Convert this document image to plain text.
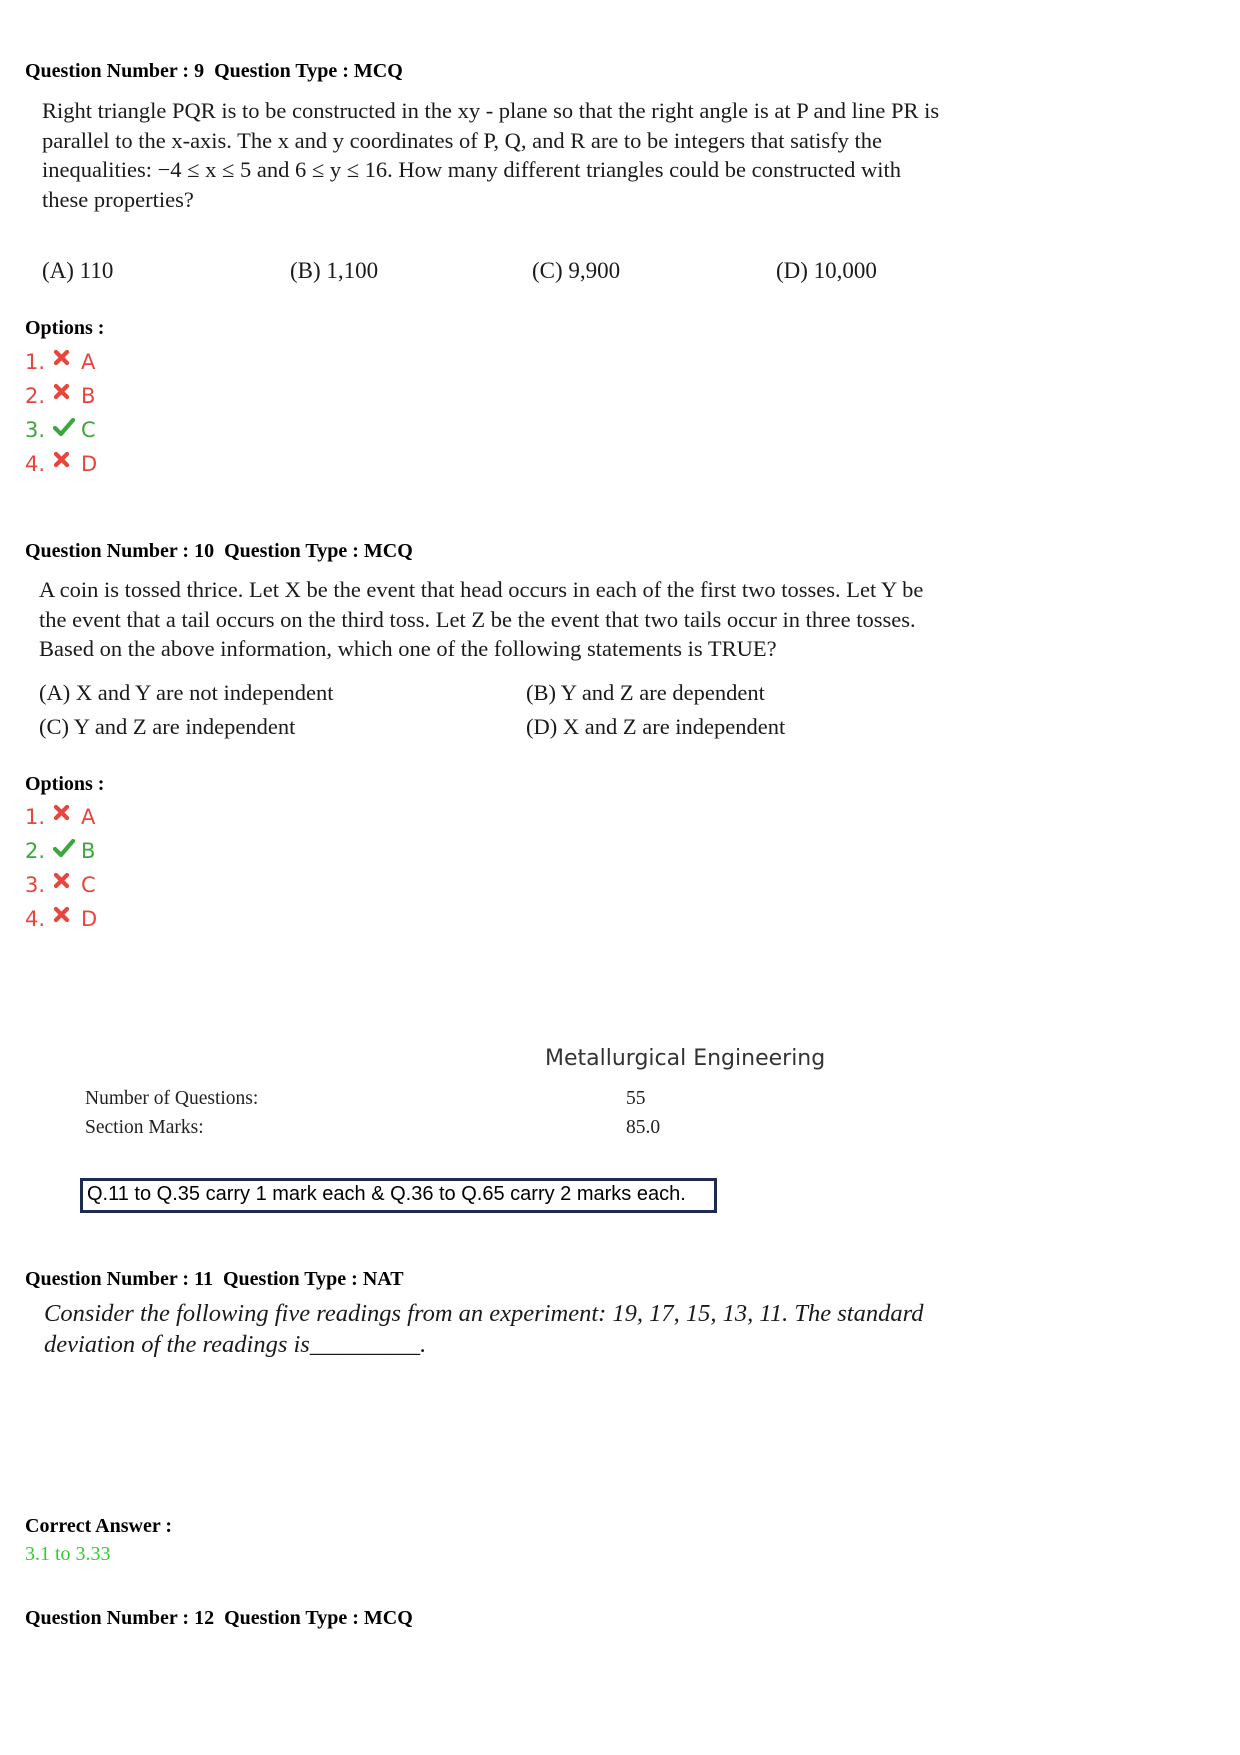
Question Number : 9 Question Type : MCQ
Right triangle PQR is to be constructed in the xy - plane so that the right angle is at P and line PR is
parallel to the x-axis. The x and y coordinates of P, Q, and R are to be integers that satisfy the
inequalities: −4 ≤ x ≤ 5 and 6 ≤ y ≤ 16. How many different triangles could be constructed with
these properties?
(A) 110	(B) 1,100	(C) 9,900	(D) 10,000
Options :
1.	A
2.	B
3.	C
4.	D
Question Number : 10 Question Type : MCQ
A coin is tossed thrice. Let X be the event that head occurs in each of the first two tosses. Let Y be
the event that a tail occurs on the third toss. Let Z be the event that two tails occur in three tosses.
Based on the above information, which one of the following statements is TRUE?
(A) X and Y are not independent	(B) Y and Z are dependent
(C) Y and Z are independent	(D) X and Z are independent
Options :
1.	A
2.	B
3.	C
4.	D
Metallurgical Engineering
Number of Questions:	55
Section Marks:	85.0
Q.11 to Q.35 carry 1 mark each & Q.36 to Q.65 carry 2 marks each.
Question Number : 11 Question Type : NAT
Consider the following five readings from an experiment: 19, 17, 15, 13, 11. The standard
deviation of the readings is_________.
Correct Answer :
3.1 to 3.33
Question Number : 12 Question Type : MCQ
